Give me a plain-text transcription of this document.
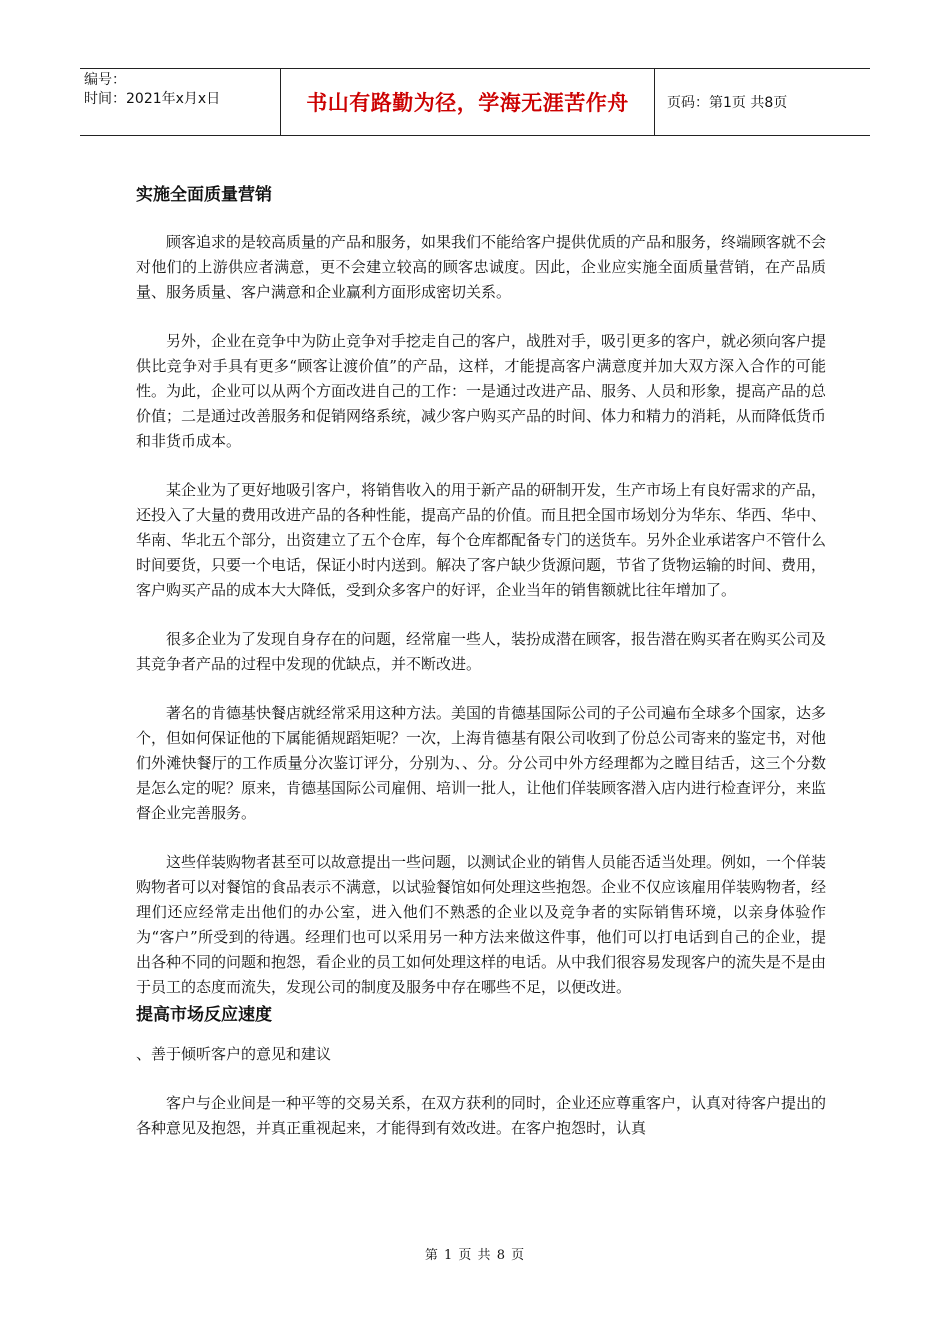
编号：
时间：2021年x月x日	书山有路勤为径，学海无涯苦作舟	页码：第1页 共8页
实施全面质量营销

顾客追求的是较高质量的产品和服务，如果我们不能给客户提供优质的产品和服务，终端顾客就不会对他们的上游供应者满意，更不会建立较高的顾客忠诚度。因此，企业应实施全面质量营销，在产品质量、服务质量、客户满意和企业赢利方面形成密切关系。

另外，企业在竞争中为防止竞争对手挖走自己的客户，战胜对手，吸引更多的客户，就必须向客户提供比竞争对手具有更多“顾客让渡价值”的产品，这样，才能提高客户满意度并加大双方深入合作的可能性。为此，企业可以从两个方面改进自己的工作：一是通过改进产品、服务、人员和形象，提高产品的总价值；二是通过改善服务和促销网络系统，减少客户购买产品的时间、体力和精力的消耗，从而降低货币和非货币成本。

某企业为了更好地吸引客户，将销售收入的用于新产品的研制开发，生产市场上有良好需求的产品，还投入了大量的费用改进产品的各种性能，提高产品的价值。而且把全国市场划分为华东、华西、华中、华南、华北五个部分，出资建立了五个仓库，每个仓库都配备专门的送货车。另外企业承诺客户不管什么时间要货，只要一个电话，保证小时内送到。解决了客户缺少货源问题，节省了货物运输的时间、费用，客户购买产品的成本大大降低，受到众多客户的好评，企业当年的销售额就比往年增加了。

很多企业为了发现自身存在的问题，经常雇一些人，装扮成潜在顾客，报告潜在购买者在购买公司及其竞争者产品的过程中发现的优缺点，并不断改进。

著名的肯德基快餐店就经常采用这种方法。美国的肯德基国际公司的子公司遍布全球多个国家，达多个，但如何保证他的下属能循规蹈矩呢？一次，上海肯德基有限公司收到了份总公司寄来的鉴定书，对他们外滩快餐厅的工作质量分次鉴订评分，分别为、、分。分公司中外方经理都为之瞠目结舌，这三个分数是怎么定的呢？原来，肯德基国际公司雇佣、培训一批人，让他们佯装顾客潜入店内进行检查评分，来监督企业完善服务。

这些佯装购物者甚至可以故意提出一些问题，以测试企业的销售人员能否适当处理。例如，一个佯装购物者可以对餐馆的食品表示不满意，以试验餐馆如何处理这些抱怨。企业不仅应该雇用佯装购物者，经理们还应经常走出他们的办公室，进入他们不熟悉的企业以及竞争者的实际销售环境，以亲身体验作为“客户”所受到的待遇。经理们也可以采用另一种方法来做这件事，他们可以打电话到自己的企业，提出各种不同的问题和抱怨，看企业的员工如何处理这样的电话。从中我们很容易发现客户的流失是不是由于员工的态度而流失，发现公司的制度及服务中存在哪些不足，以便改进。

提高市场反应速度
、善于倾听客户的意见和建议

客户与企业间是一种平等的交易关系，在双方获利的同时，企业还应尊重客户，认真对待客户提出的各种意见及抱怨，并真正重视起来，才能得到有效改进。在客户抱怨时，认真

第 1 页 共 8 页
